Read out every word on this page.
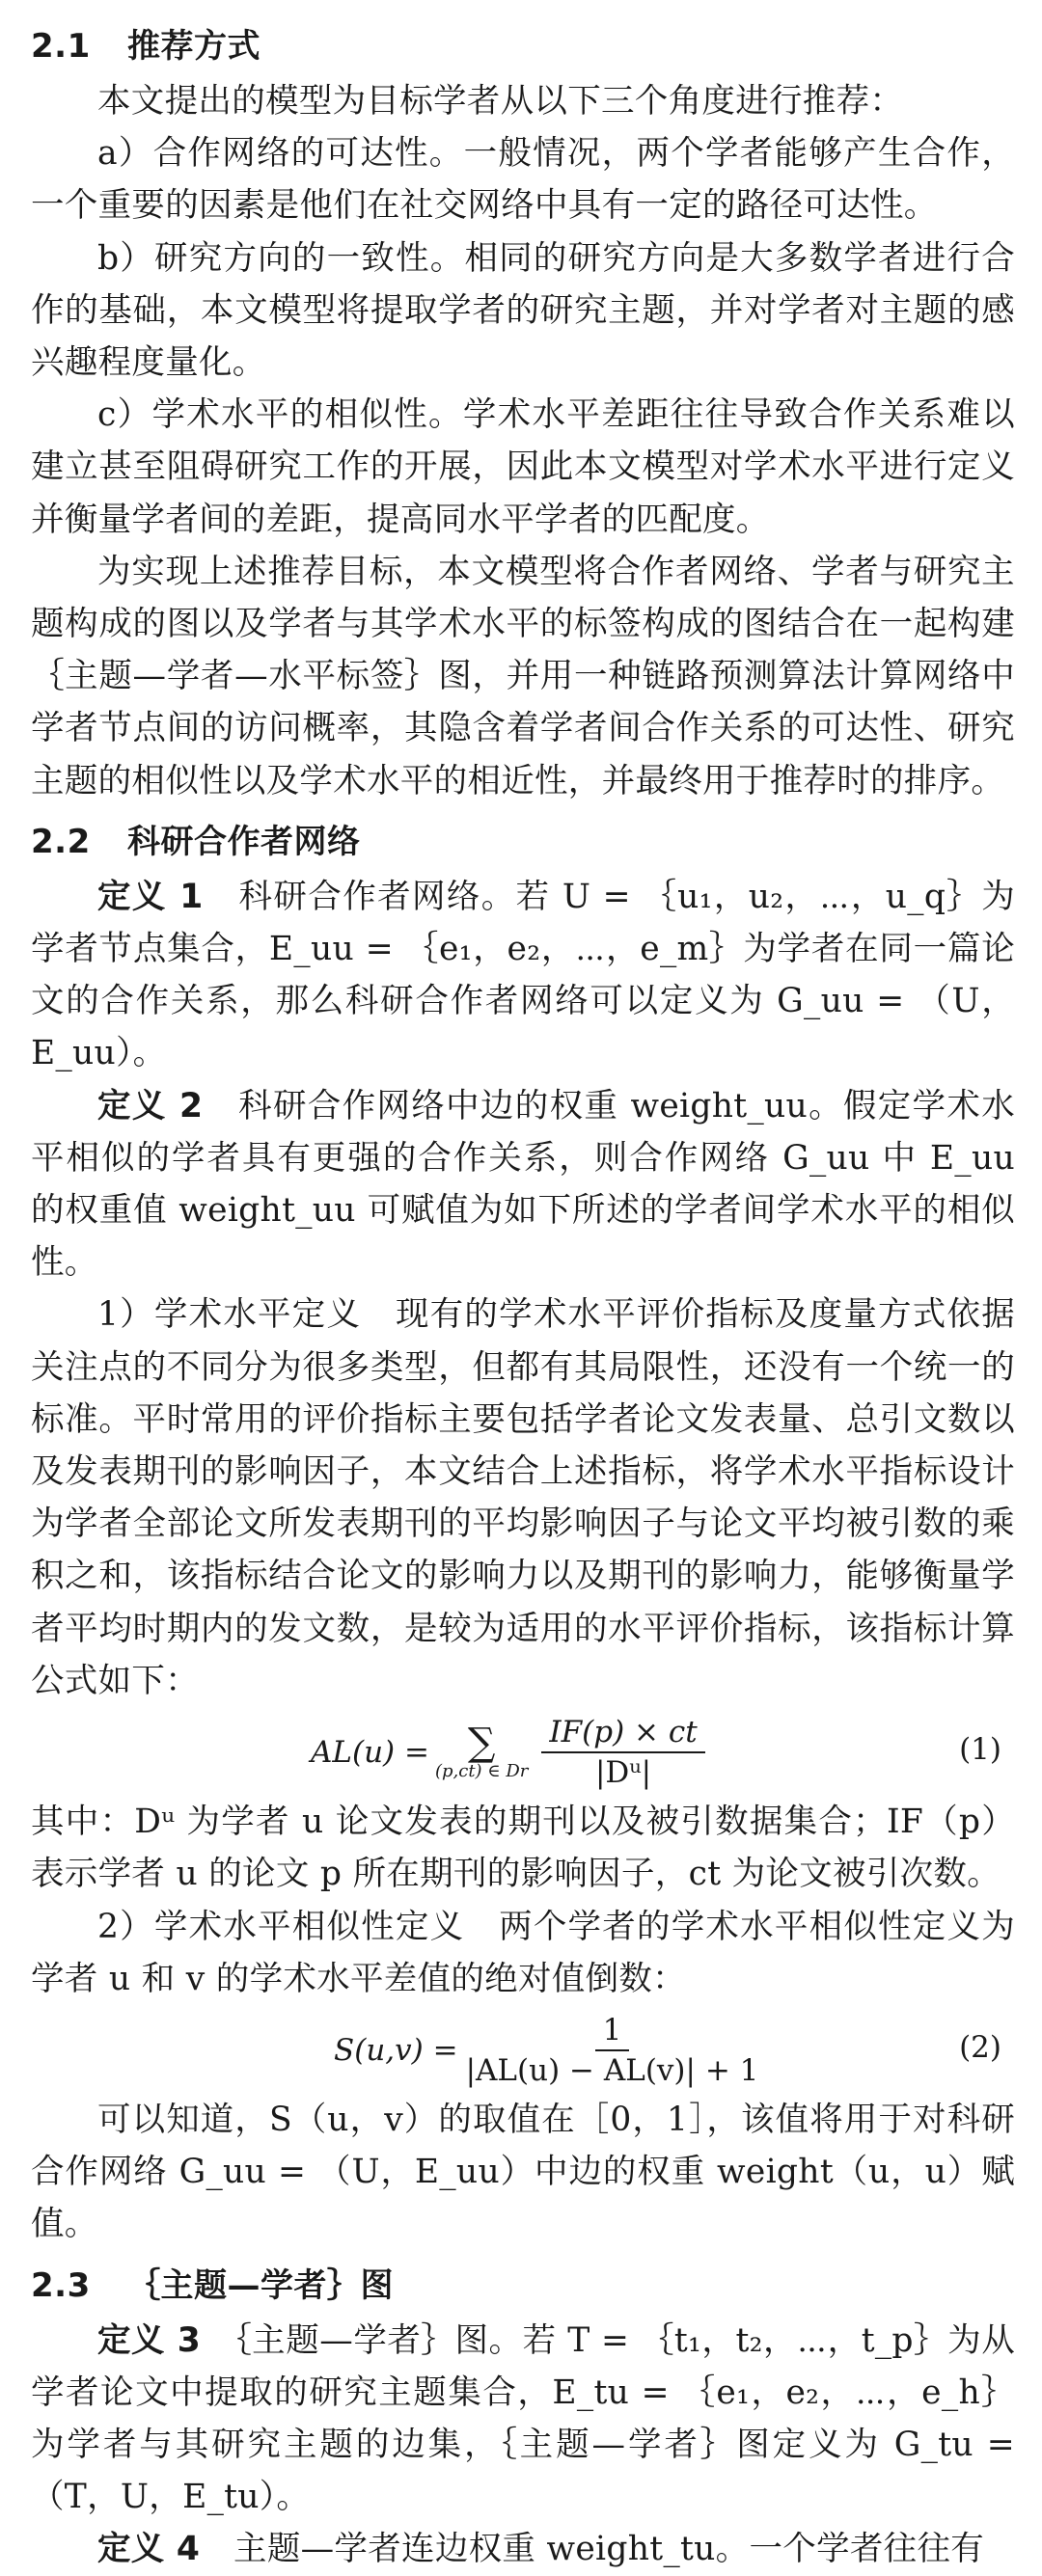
2.1 推荐方式

本文提出的模型为目标学者从以下三个角度进行推荐：

a）合作网络的可达性。一般情况，两个学者能够产生合作，一个重要的因素是他们在社交网络中具有一定的路径可达性。

b）研究方向的一致性。相同的研究方向是大多数学者进行合作的基础，本文模型将提取学者的研究主题，并对学者对主题的感兴趣程度量化。

c）学术水平的相似性。学术水平差距往往导致合作关系难以建立甚至阻碍研究工作的开展，因此本文模型对学术水平进行定义并衡量学者间的差距，提高同水平学者的匹配度。

为实现上述推荐目标，本文模型将合作者网络、学者与研究主题构成的图以及学者与其学术水平的标签构成的图结合在一起构建｛主题—学者—水平标签｝图，并用一种链路预测算法计算网络中学者节点间的访问概率，其隐含着学者间合作关系的可达性、研究主题的相似性以及学术水平的相近性，并最终用于推荐时的排序。

2.2 科研合作者网络

定义 1　 科研合作者网络。若 U = ｛u₁，u₂，⋯，u_q｝为学者节点集合，E_uu = ｛e₁，e₂，⋯，e_m｝为学者在同一篇论文的合作关系，那么科研合作者网络可以定义为 G_uu = （U，E_uu）。

定义 2　 科研合作网络中边的权重 weight_uu。假定学术水平相似的学者具有更强的合作关系，则合作网络 G_uu 中 E_uu 的权重值 weight_uu 可赋值为如下所述的学者间学术水平的相似性。

1）学术水平定义　现有的学术水平评价指标及度量方式依据关注点的不同分为很多类型，但都有其局限性，还没有一个统一的标准。平时常用的评价指标主要包括学者论文发表量、总引文数以及发表期刊的影响因子，本文结合上述指标，将学术水平指标设计为学者全部论文所发表期刊的平均影响因子与论文平均被引数的乘积之和，该指标结合论文的影响力以及期刊的影响力，能够衡量学者平均时期内的发文数，是较为适用的水平评价指标，该指标计算公式如下：

AL(u) = ∑
(p,ct) ∈ Dr $\frac{IF(p) \times ct}{\text{|Dᵘ|}}$	(1)

其中：Dᵘ 为学者 u 论文发表的期刊以及被引数据集合；IF（p）表示学者 u 的论文 p 所在期刊的影响因子，ct 为论文被引次数。

2）学术水平相似性定义　两个学者的学术水平相似性定义为学者 u 和 v 的学术水平差值的绝对值倒数：

$S(u,v) = \frac{1}{|AL(u) - AL(v)| + 1}$	(2)

可以知道，S（u，v）的取值在［0，1］，该值将用于对科研合作网络 G_uu = （U，E_uu）中边的权重 weight（u，u）赋值。

2.3 ｛主题—学者｝图

定义 3　 ｛主题—学者｝图。若 T = ｛t₁，t₂，⋯，t_p｝为从学者论文中提取的研究主题集合，E_tu = ｛e₁，e₂，⋯，e_h｝为学者与其研究主题的边集，｛主题—学者｝图定义为 G_tu = （T，U，E_tu）。

定义 4　 主题—学者连边权重 weight_tu。一个学者往往有
